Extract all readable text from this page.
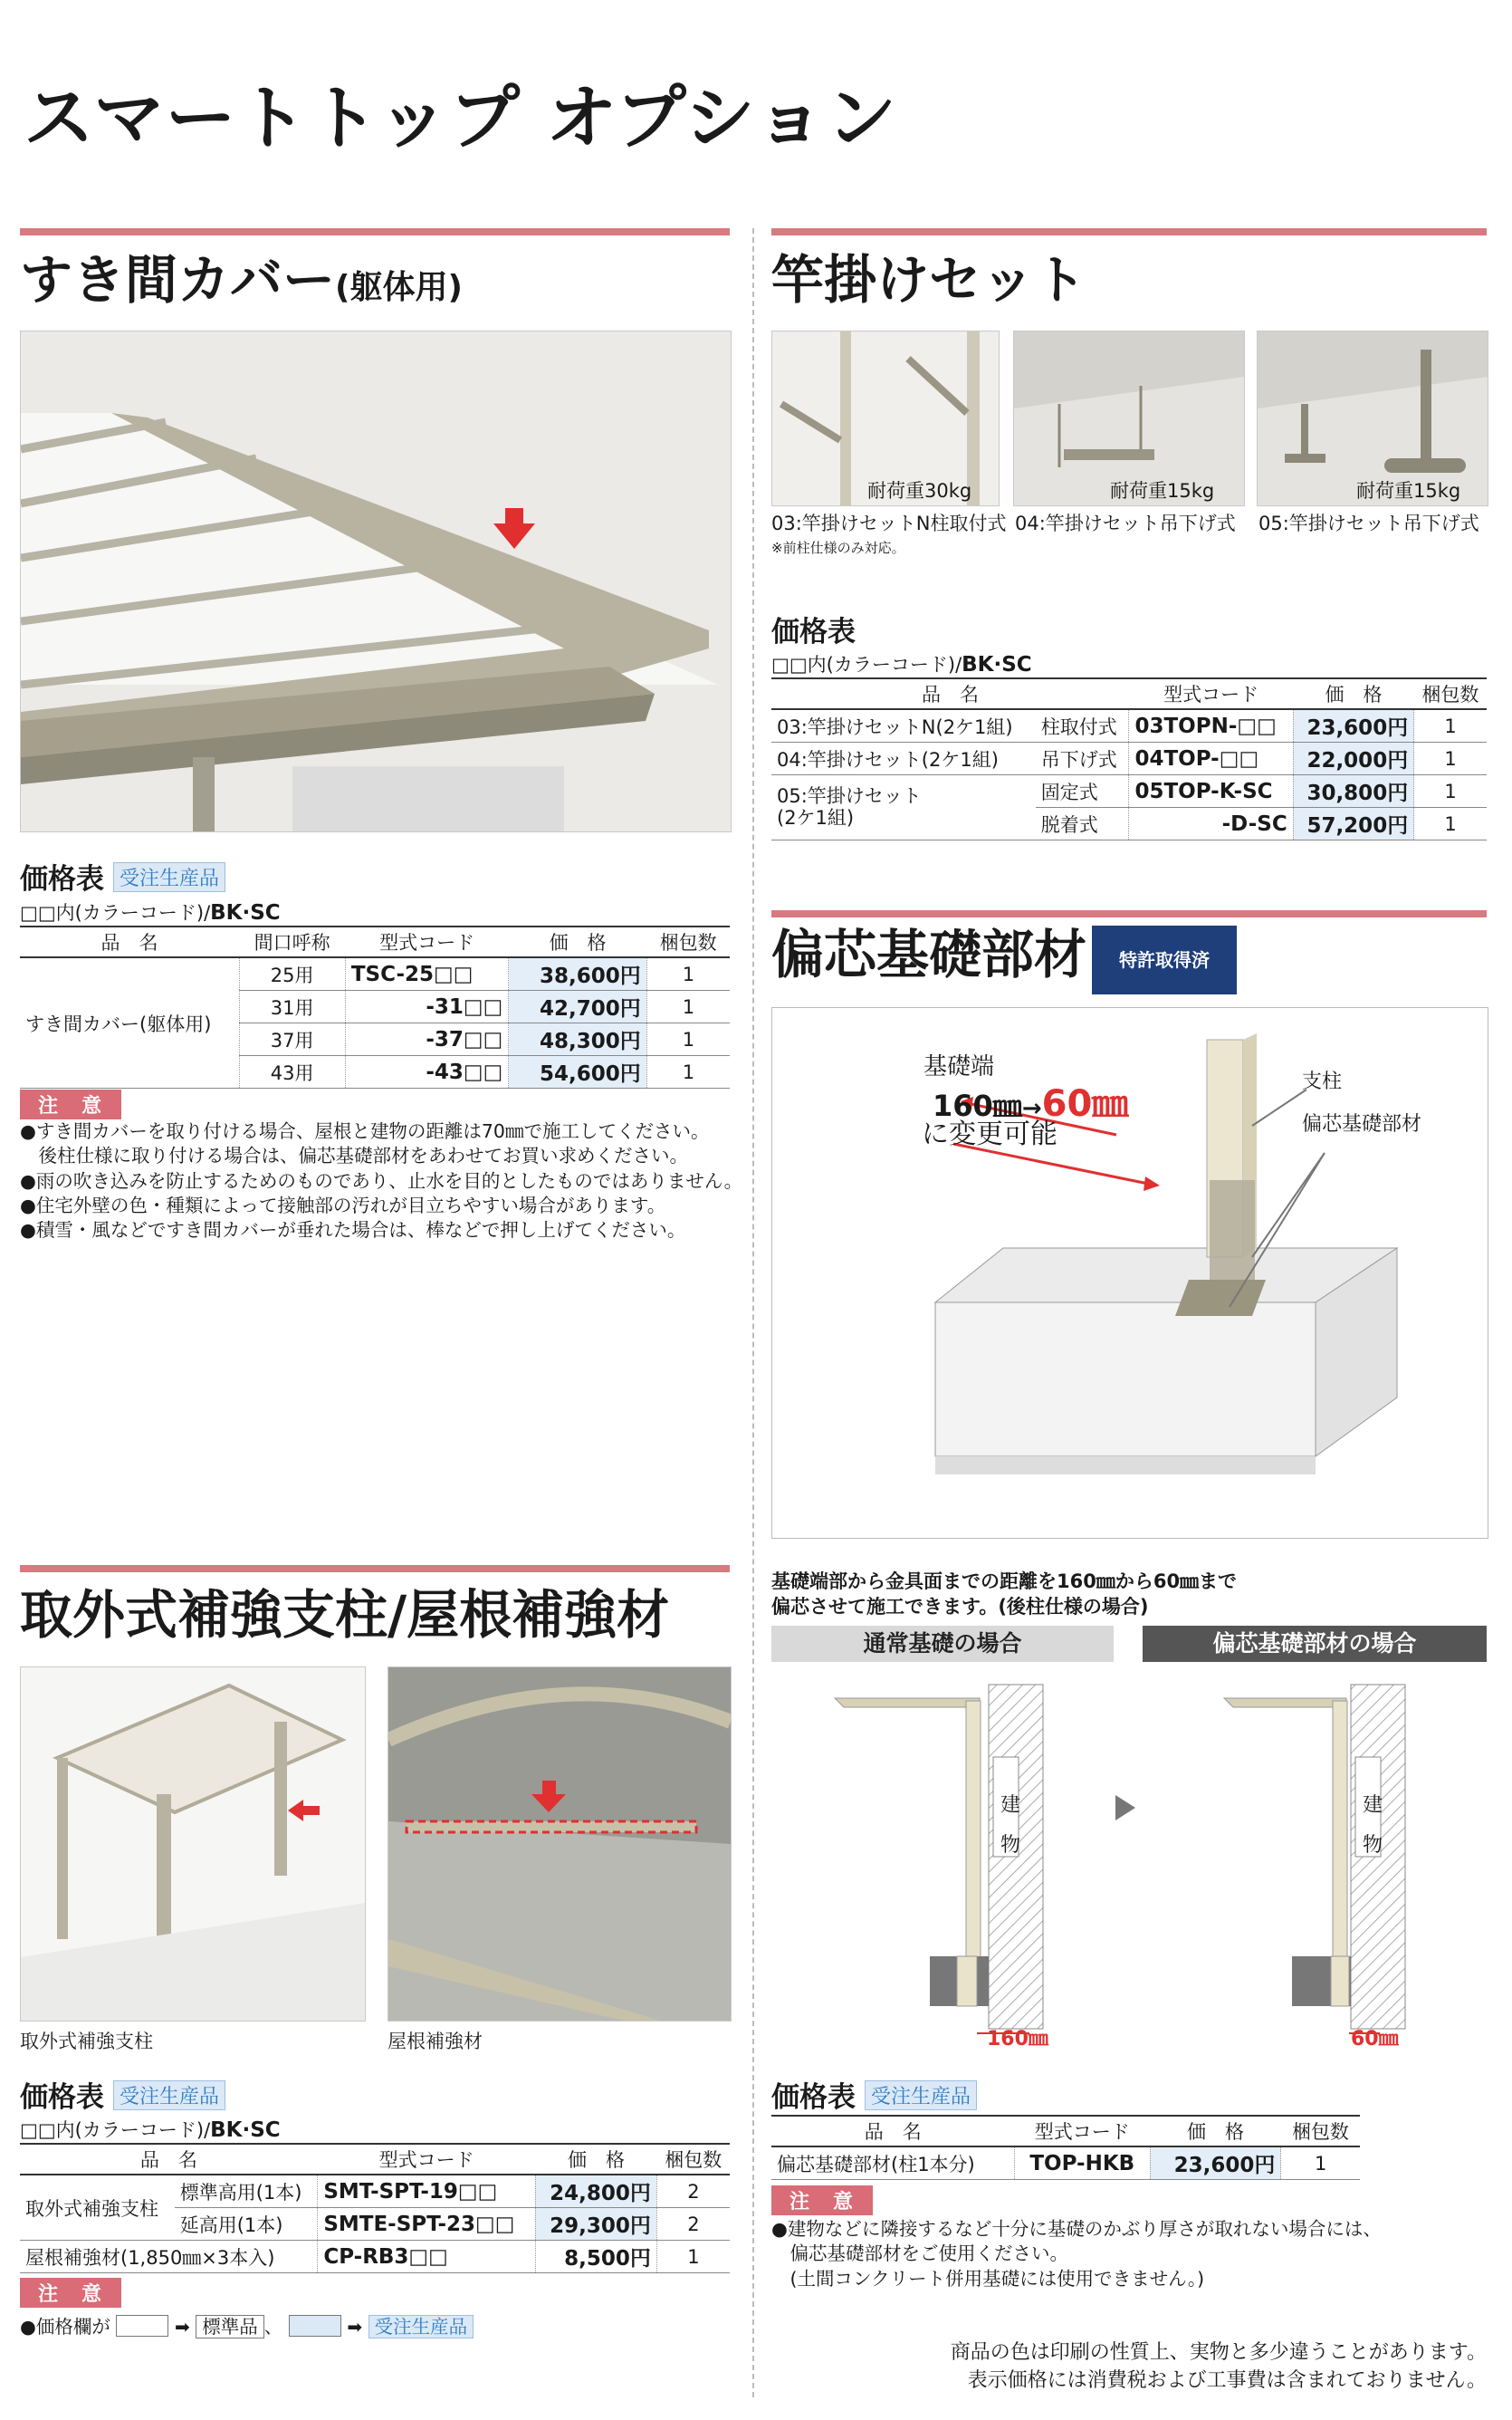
スマートトップ オプション
すき間カバー(躯体用)
価格表 受注生産品
□□内(カラーコード)/BK·SC
品　名	間口呼称	型式コード	価　格	梱包数
すき間カバー(躯体用)	25用	TSC-25□□	38,600円	1
	31用	-31□□	42,700円	1
	37用	-37□□	48,300円	1
	43用	-43□□	54,600円	1
注　意
●すき間カバーを取り付ける場合、屋根と建物の距離は70㎜で施工してください。
　後柱仕様に取り付ける場合は、偏芯基礎部材をあわせてお買い求めください。
●雨の吹き込みを防止するためのものであり、止水を目的としたものではありません。
●住宅外壁の色・種類によって接触部の汚れが目立ちやすい場合があります。
●積雪・風などですき間カバーが垂れた場合は、棒などで押し上げてください。
竿掛けセット
耐荷重30kg	耐荷重15kg	耐荷重15kg
03:竿掛けセットN柱取付式 04:竿掛けセット吊下げ式 05:竿掛けセット吊下げ式
※前柱仕様のみ対応。
価格表
□□内(カラーコード)/BK·SC
品　名		型式コード	価　格	梱包数
03:竿掛けセットN(2ケ1組)	柱取付式	03TOPN-□□	23,600円	1
04:竿掛けセット(2ケ1組)	吊下げ式	04TOP-□□	22,000円	1

05:竿掛けセット
(2ケ1組)	固定式	05TOP-K-SC	30,800円	1
	脱着式	-D-SC	57,200円	1
偏芯基礎部材	特許取得済
基礎端
160㎜→60㎜
に変更可能
支柱
偏芯基礎部材
基礎端部から金具面までの距離を160㎜から60㎜まで
偏芯させて施工できます。(後柱仕様の場合)
通常基礎の場合	偏芯基礎部材の場合
建
物
建
物
160㎜	60㎜
価格表 受注生産品
品　名	型式コード	価　格	梱包数
偏芯基礎部材(柱1本分)	TOP-HKB	23,600円	1
注　意
●建物などに隣接するなど十分に基礎のかぶり厚さが取れない場合には、
　偏芯基礎部材をご使用ください。
　(土間コンクリート併用基礎には使用できません。)
取外式補強支柱/屋根補強材
取外式補強支柱	屋根補強材
価格表 受注生産品
□□内(カラーコード)/BK·SC
品　名		型式コード	価　格	梱包数
取外式補強支柱	標準高用(1本)	SMT-SPT-19□□	24,800円	2
	延高用(1本)	SMTE-SPT-23□□	29,300円	2
屋根補強材(1,850㎜×3本入)		CP-RB3□□	8,500円	1
注　意
●価格欄が	➡ 標準品 、	➡ 受注生産品
商品の色は印刷の性質上、実物と多少違うことがあります。
表示価格には消費税および工事費は含まれておりません。
